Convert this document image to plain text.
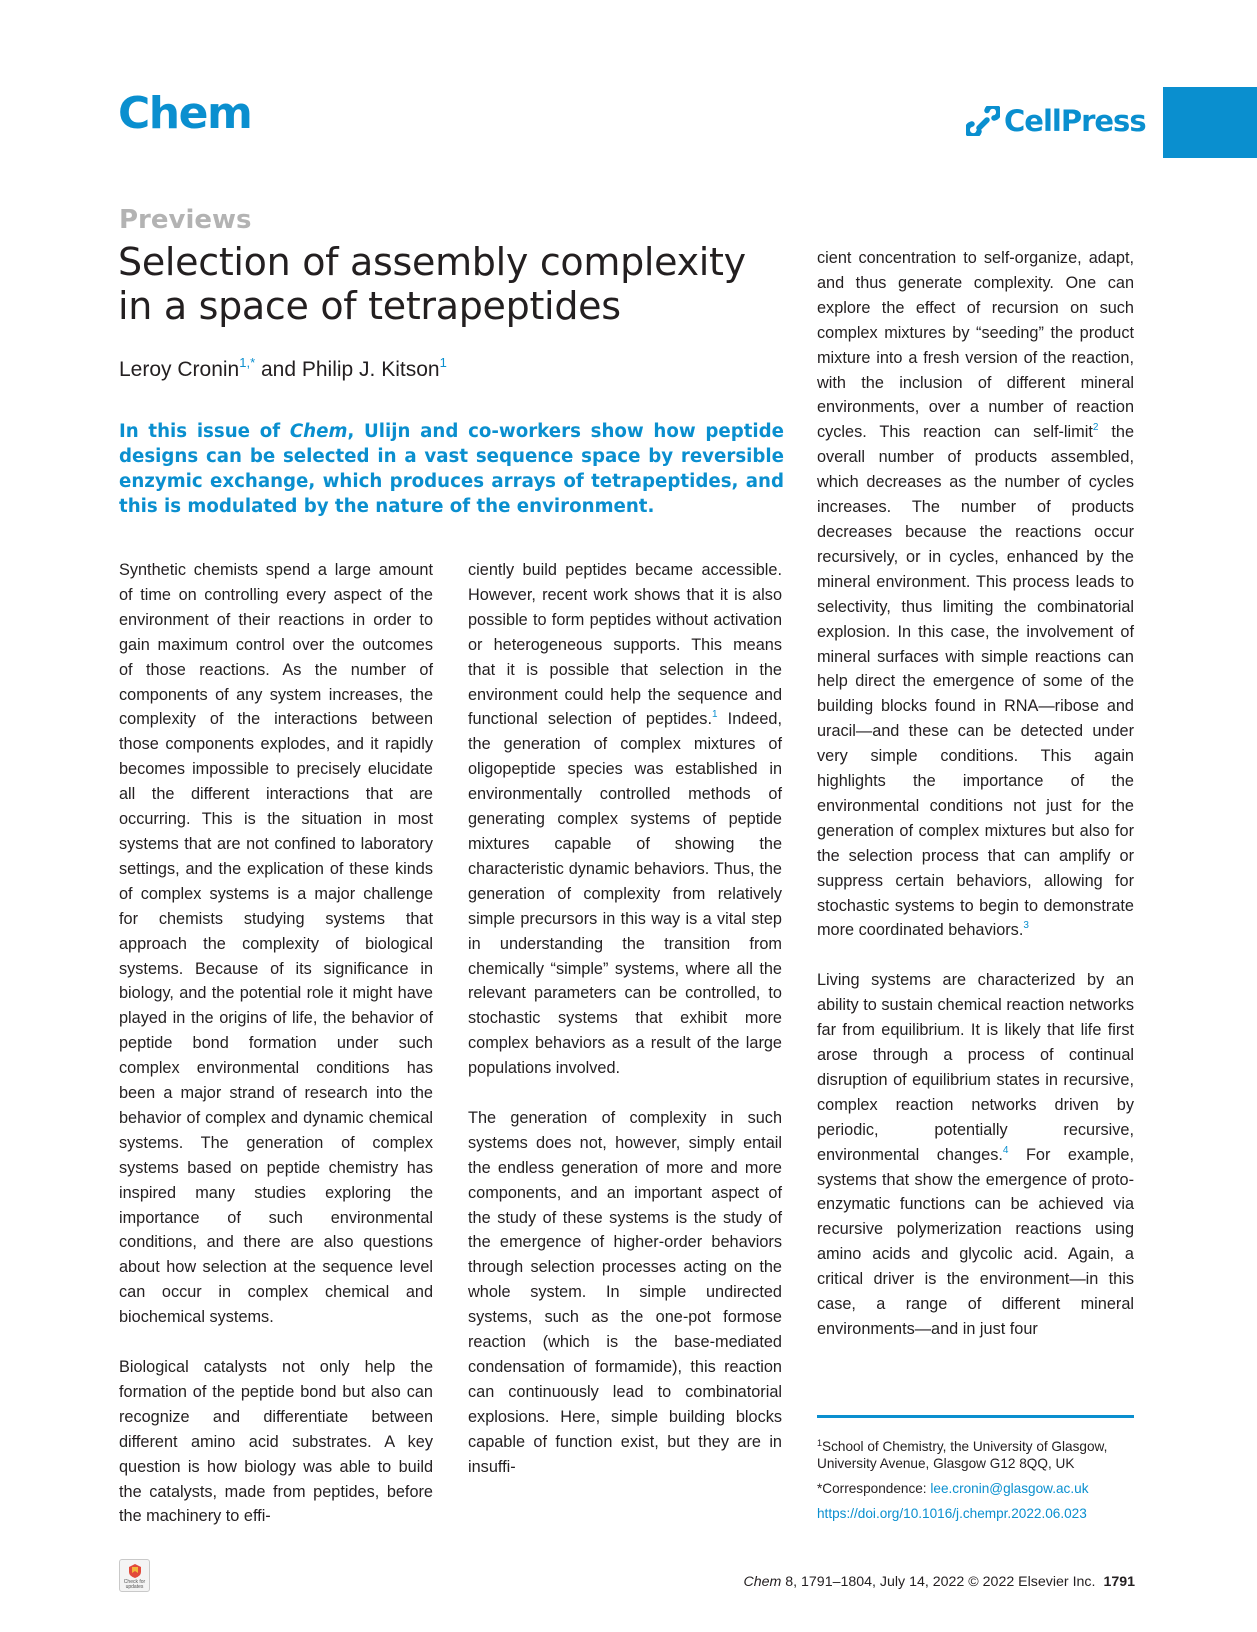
Chem	CellPress
Previews
Selection of assembly complexity in a space of tetrapeptides
Leroy Cronin$^{1,*}$ and Philip J. Kitson$^1$
In this issue of Chem, Ulijn and co-workers show how peptide designs can be selected in a vast sequence space by reversible enzymic exchange, which produces arrays of tetrapeptides, and this is modulated by the nature of the environment.

Synthetic chemists spend a large amount of time on controlling every aspect of the environment of their reactions in order to gain maximum control over the outcomes of those reactions. As the number of components of any system increases, the complexity of the interactions between those components explodes, and it rapidly becomes impossible to precisely elucidate all the different interactions that are occurring. This is the situation in most systems that are not confined to laboratory settings, and the explication of these kinds of complex systems is a major challenge for chemists studying systems that approach the complexity of biological systems. Because of its significance in biology, and the potential role it might have played in the origins of life, the behavior of peptide bond formation under such complex environmental conditions has been a major strand of research into the behavior of complex and dynamic chemical systems. The generation of complex systems based on peptide chemistry has inspired many studies exploring the importance of such environmental conditions, and there are also questions about how selection at the sequence level can occur in complex chemical and biochemical systems.

Biological catalysts not only help the formation of the peptide bond but also can recognize and differentiate between different amino acid substrates. A key question is how biology was able to build the catalysts, made from peptides, before the machinery to effi-

ciently build peptides became accessible. However, recent work shows that it is also possible to form peptides without activation or heterogeneous supports. This means that it is possible that selection in the environment could help the sequence and functional selection of peptides.$^1$ Indeed, the generation of complex mixtures of oligopeptide species was established in environmentally controlled methods of generating complex systems of peptide mixtures capable of showing the characteristic dynamic behaviors. Thus, the generation of complexity from relatively simple precursors in this way is a vital step in understanding the transition from chemically “simple” systems, where all the relevant parameters can be controlled, to stochastic systems that exhibit more complex behaviors as a result of the large populations involved.

The generation of complexity in such systems does not, however, simply entail the endless generation of more and more components, and an important aspect of the study of these systems is the study of the emergence of higher-order behaviors through selection processes acting on the whole system. In simple undirected systems, such as the one-pot formose reaction (which is the base-mediated condensation of formamide), this reaction can continuously lead to combinatorial explosions. Here, simple building blocks capable of function exist, but they are in insuffi-

cient concentration to self-organize, adapt, and thus generate complexity. One can explore the effect of recursion on such complex mixtures by “seeding” the product mixture into a fresh version of the reaction, with the inclusion of different mineral environments, over a number of reaction cycles. This reaction can self-limit$^2$ the overall number of products assembled, which decreases as the number of cycles increases. The number of products decreases because the reactions occur recursively, or in cycles, enhanced by the mineral environment. This process leads to selectivity, thus limiting the combinatorial explosion. In this case, the involvement of mineral surfaces with simple reactions can help direct the emergence of some of the building blocks found in RNA—ribose and uracil—and these can be detected under very simple conditions. This again highlights the importance of the environmental conditions not just for the generation of complex mixtures but also for the selection process that can amplify or suppress certain behaviors, allowing for stochastic systems to begin to demonstrate more coordinated behaviors.$^3$

Living systems are characterized by an ability to sustain chemical reaction networks far from equilibrium. It is likely that life first arose through a process of continual disruption of equilibrium states in recursive, complex reaction networks driven by periodic, potentially recursive, environmental changes.$^4$ For example, systems that show the emergence of proto-enzymatic functions can be achieved via recursive polymerization reactions using amino acids and glycolic acid. Again, a critical driver is the environment—in this case, a range of different mineral environments—and in just four

$^1$School of Chemistry, the University of Glasgow, University Avenue, Glasgow G12 8QQ, UK
*Correspondence: lee.cronin@glasgow.ac.uk
https://doi.org/10.1016/j.chempr.2022.06.023
Check for updates	Chem 8, 1791–1804, July 14, 2022 © 2022 Elsevier Inc. 1791
